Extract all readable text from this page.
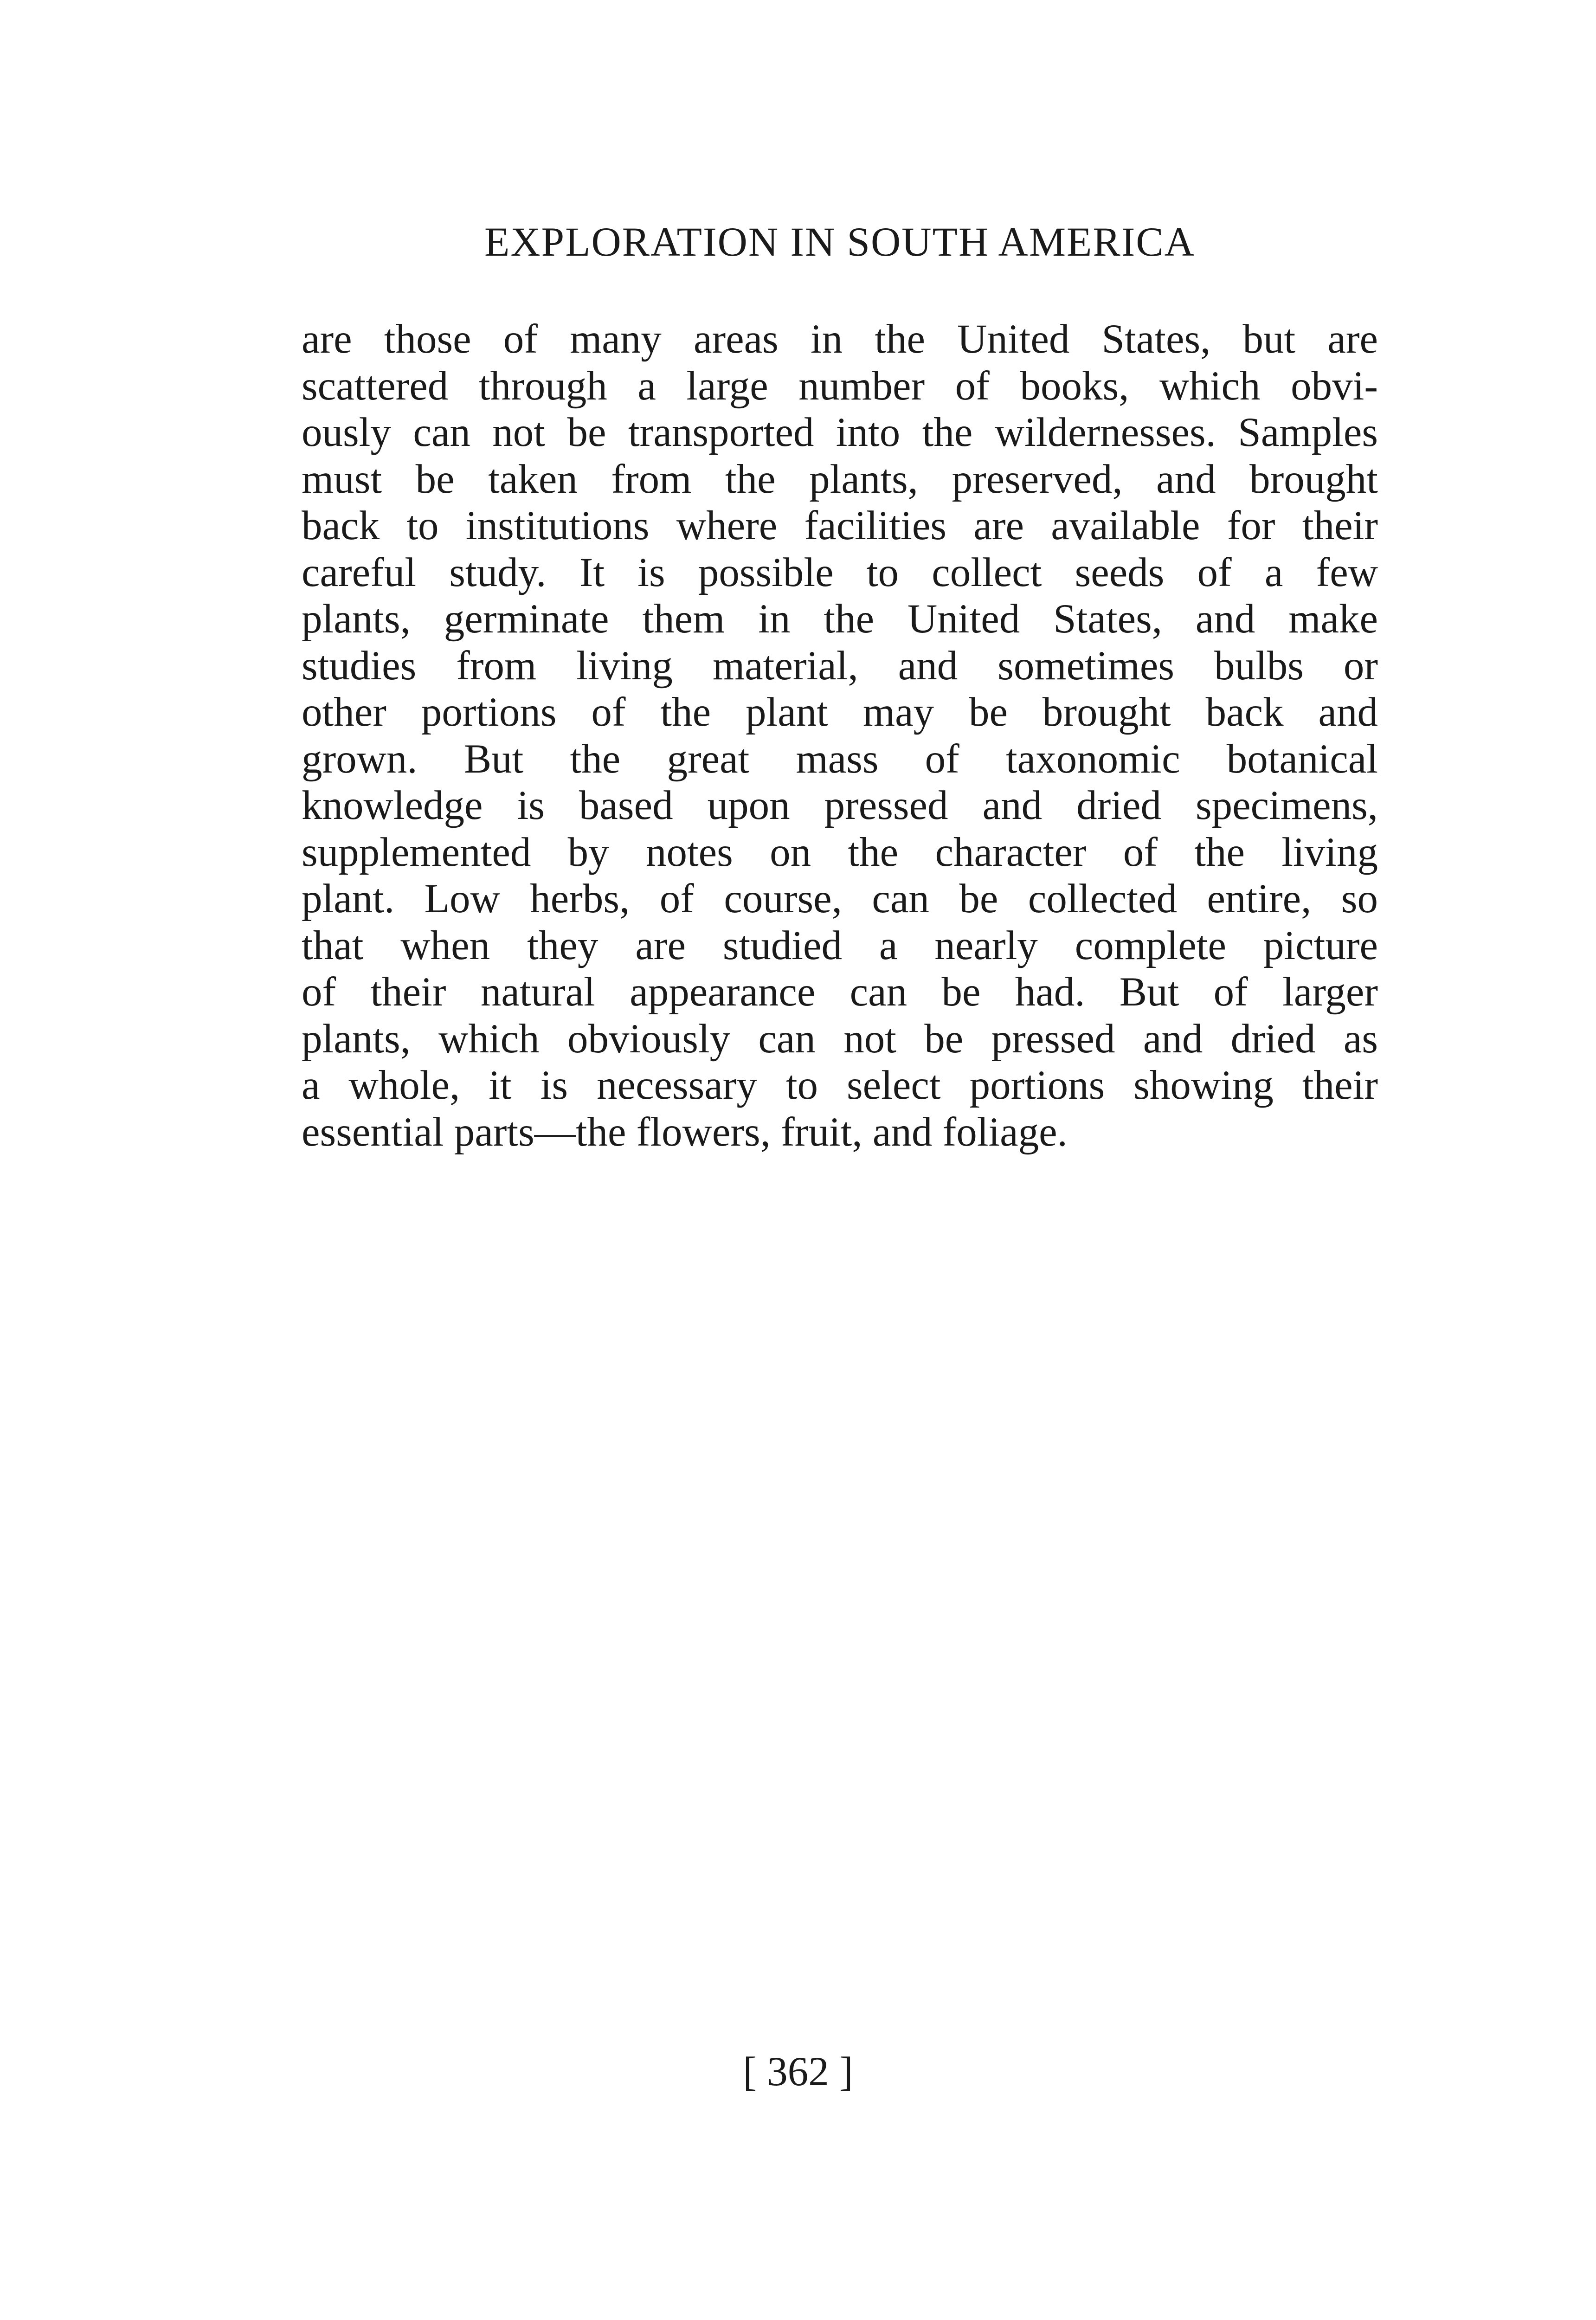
EXPLORATION IN SOUTH AMERICA
are those of many areas in the United States, but are
scattered through a large number of books, which obvi-
ously can not be transported into the wildernesses. Samples
must be taken from the plants, preserved, and brought
back to institutions where facilities are available for their
careful study. It is possible to collect seeds of a few
plants, germinate them in the United States, and make
studies from living material, and sometimes bulbs or
other portions of the plant may be brought back and
grown. But the great mass of taxonomic botanical
knowledge is based upon pressed and dried specimens,
supplemented by notes on the character of the living
plant. Low herbs, of course, can be collected entire, so
that when they are studied a nearly complete picture
of their natural appearance can be had. But of larger
plants, which obviously can not be pressed and dried as
a whole, it is necessary to select portions showing their
essential parts—the flowers, fruit, and foliage.
[ 362 ]
